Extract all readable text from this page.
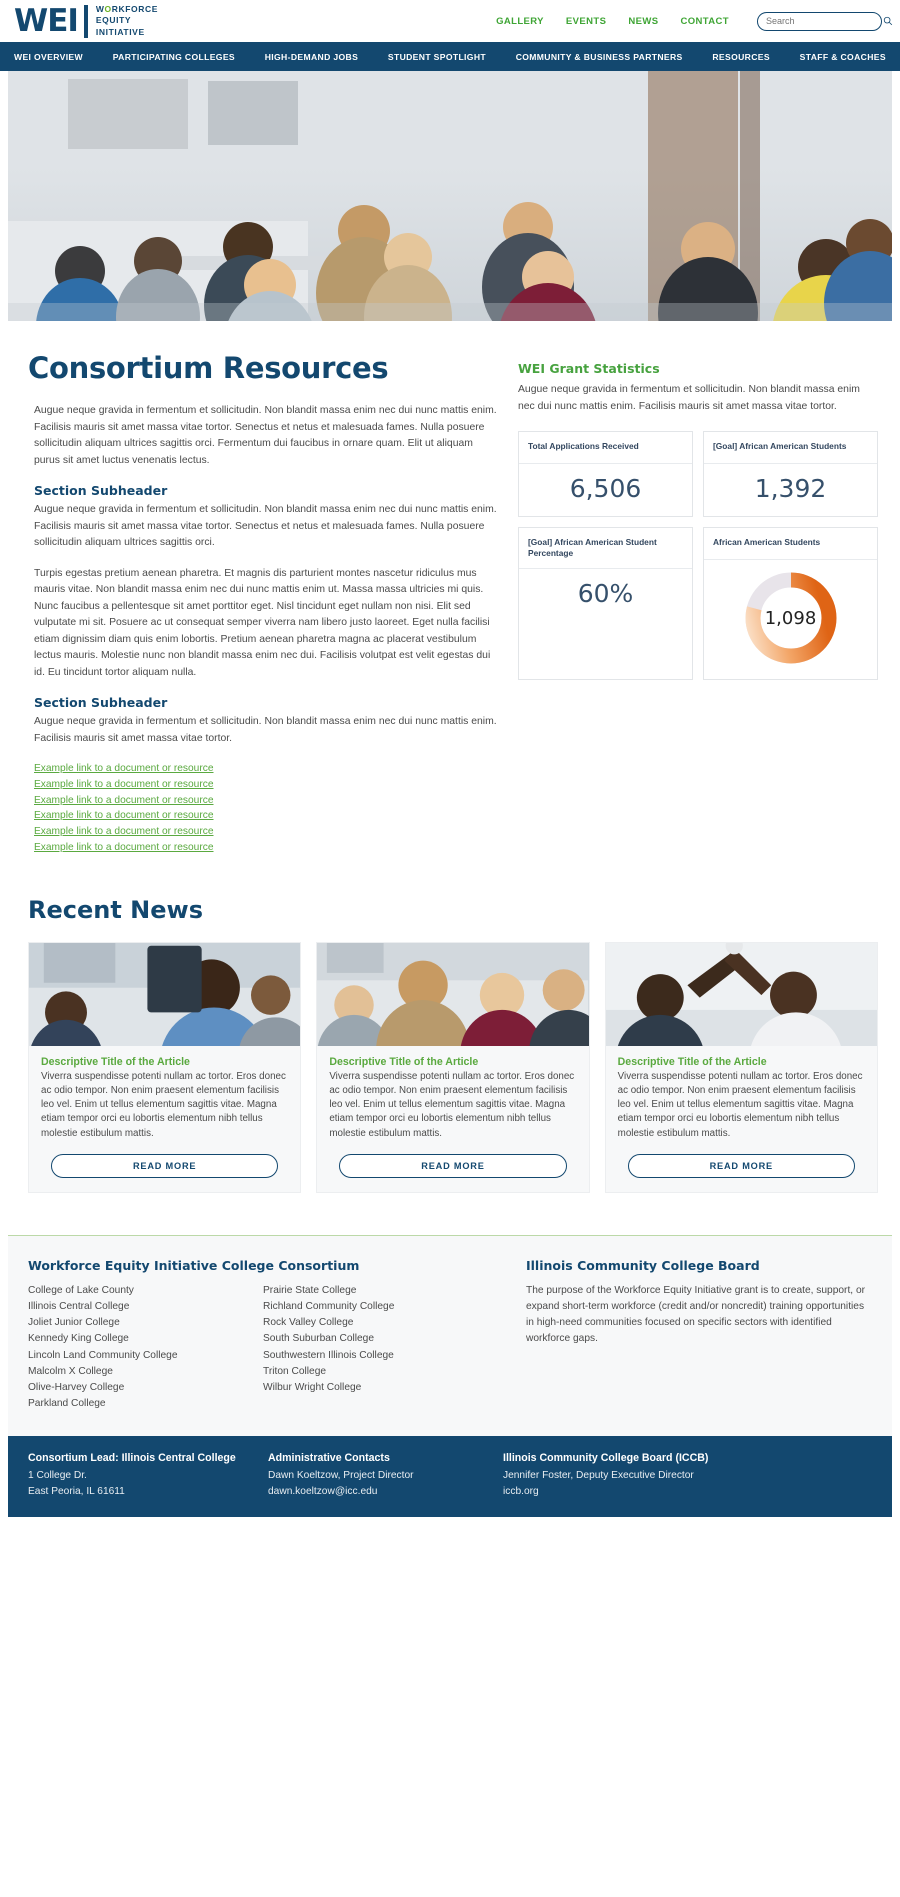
WEI	WORKFORCE
EQUITY
INITIATIVE
GALLERY EVENTS NEWS CONTACT
Search
WEI OVERVIEW	PARTICIPATING COLLEGES	HIGH-DEMAND JOBS	STUDENT SPOTLIGHT	COMMUNITY & BUSINESS PARTNERS	RESOURCES	STAFF & COACHES
Consortium Resources

Augue neque gravida in fermentum et sollicitudin. Non blandit massa enim nec dui nunc mattis enim. Facilisis mauris sit amet massa vitae tortor. Senectus et netus et malesuada fames. Nulla posuere sollicitudin aliquam ultrices sagittis orci. Fermentum dui faucibus in ornare quam. Elit ut aliquam purus sit amet luctus venenatis lectus.

Section Subheader

Augue neque gravida in fermentum et sollicitudin. Non blandit massa enim nec dui nunc mattis enim. Facilisis mauris sit amet massa vitae tortor. Senectus et netus et malesuada fames. Nulla posuere sollicitudin aliquam ultrices sagittis orci.

Turpis egestas pretium aenean pharetra. Et magnis dis parturient montes nascetur ridiculus mus mauris vitae. Non blandit massa enim nec dui nunc mattis enim ut. Massa massa ultricies mi quis. Nunc faucibus a pellentesque sit amet porttitor eget. Nisl tincidunt eget nullam non nisi. Elit sed vulputate mi sit. Posuere ac ut consequat semper viverra nam libero justo laoreet. Eget nulla facilisi etiam dignissim diam quis enim lobortis. Pretium aenean pharetra magna ac placerat vestibulum lectus mauris. Molestie nunc non blandit massa enim nec dui. Facilisis volutpat est velit egestas dui id. Eu tincidunt tortor aliquam nulla.

Section Subheader

Augue neque gravida in fermentum et sollicitudin. Non blandit massa enim nec dui nunc mattis enim. Facilisis mauris sit amet massa vitae tortor.

Example link to a document or resource
Example link to a document or resource
Example link to a document or resource
Example link to a document or resource
Example link to a document or resource
Example link to a document or resource
WEI Grant Statistics
Augue neque gravida in fermentum et sollicitudin. Non blandit massa enim nec dui nunc mattis enim. Facilisis mauris sit amet massa vitae tortor.
Total Applications Received
6,506
[Goal] African American Students
1,392
[Goal] African American Student Percentage
60%
African American Students
1,098
Recent News
Descriptive Title of the Article
Viverra suspendisse potenti nullam ac tortor. Eros donec ac odio tempor. Non enim praesent elementum facilisis leo vel. Enim ut tellus elementum sagittis vitae. Magna etiam tempor orci eu lobortis elementum nibh tellus molestie estibulum mattis.
READ MORE
Descriptive Title of the Article
Viverra suspendisse potenti nullam ac tortor. Eros donec ac odio tempor. Non enim praesent elementum facilisis leo vel. Enim ut tellus elementum sagittis vitae. Magna etiam tempor orci eu lobortis elementum nibh tellus molestie estibulum mattis.
READ MORE
Descriptive Title of the Article
Viverra suspendisse potenti nullam ac tortor. Eros donec ac odio tempor. Non enim praesent elementum facilisis leo vel. Enim ut tellus elementum sagittis vitae. Magna etiam tempor orci eu lobortis elementum nibh tellus molestie estibulum mattis.
READ MORE
Workforce Equity Initiative College Consortium
College of Lake County
Illinois Central College
Joliet Junior College
Kennedy King College
Lincoln Land Community College
Malcolm X College
Olive-Harvey College
Parkland College
Prairie State College
Richland Community College
Rock Valley College
South Suburban College
Southwestern Illinois College
Triton College
Wilbur Wright College
Illinois Community College Board

The purpose of the Workforce Equity Initiative grant is to create, support, or expand short-term workforce (credit and/or noncredit) training opportunities in high-need communities focused on specific sectors with identified workforce gaps.

Consortium Lead: Illinois Central College
1 College Dr.
East Peoria, IL 61611
Administrative Contacts
Dawn Koeltzow, Project Director
dawn.koeltzow@icc.edu
Illinois Community College Board (ICCB)
Jennifer Foster, Deputy Executive Director
iccb.org
